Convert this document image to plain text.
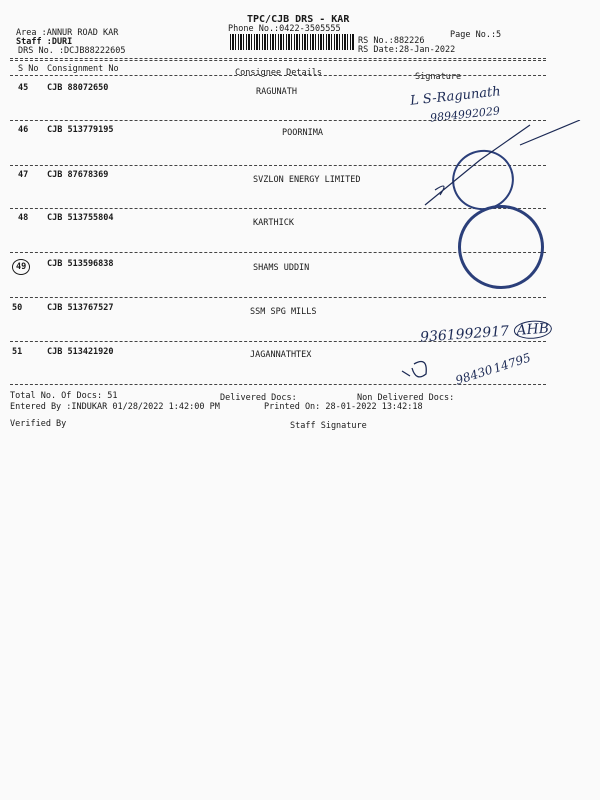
TPC/CJB DRS - KAR
Phone No.:0422-3505555
Area :ANNUR ROAD KAR
Staff :DURI
DRS No. :DCJB88222605
RS No.:882226
RS Date:28-Jan-2022
Page No.:5
S No Consignment No	Consignee Details	Signature
45 CJB 88072650	RAGUNATH
46 CJB 513779195	POORNIMA
47 CJB 87678369	SVZLON ENERGY LIMITED
48 CJB 513755804	KARTHICK
49	CJB 513596838	SHAMS UDDIN
50	CJB 513767527	SSM SPG MILLS
51	CJB 513421920	JAGANNATHTEX
Total No. Of Docs: 51	Delivered Docs:	Non Delivered Docs:
Entered By :INDUKAR 01/28/2022 1:42:00 PM	Printed On: 28-01-2022 13:42:18
Verified By	Staff Signature
L S-Ragunath
9894992029
9361992917 AHB
98430
14795
